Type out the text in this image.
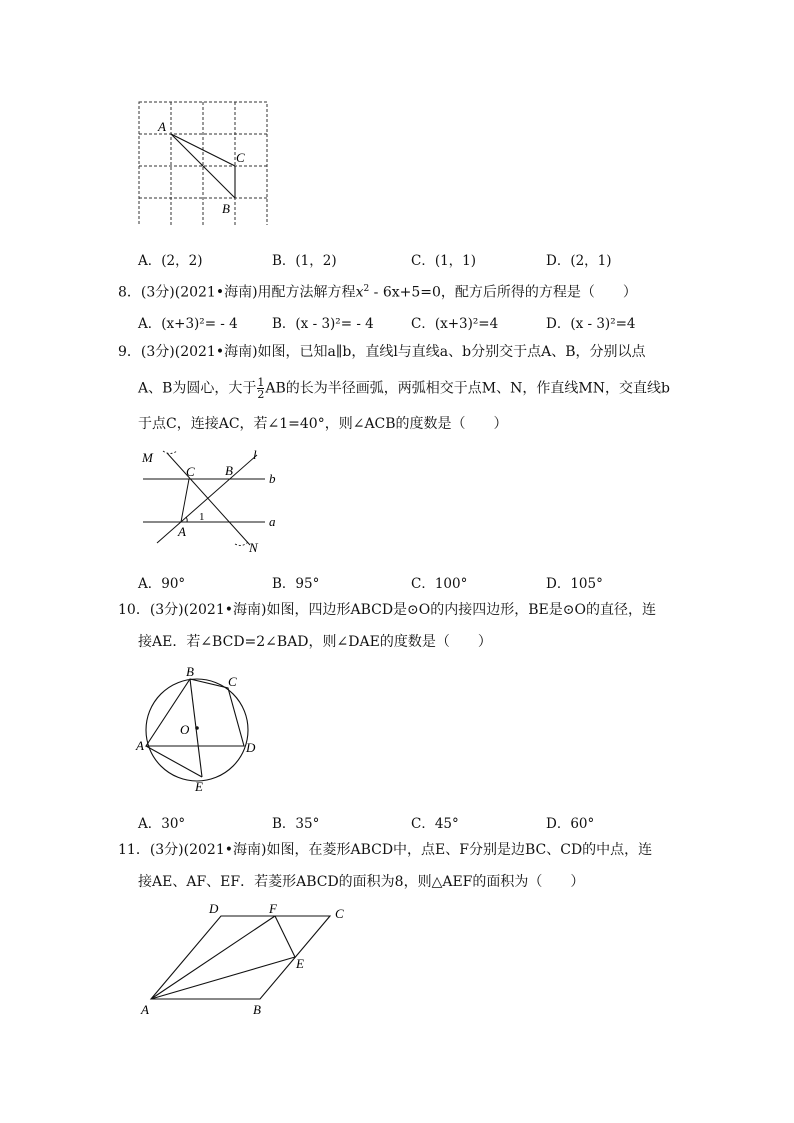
A
C
B
A．(2，2)	B．(1，2)	C．(1，1)	D．(2，1)
8．(3分)(2021•海南)用配方法解方程$x^2 - 6x+5=0$，配方后所得的方程是（　　）
A．(x+3)²= - 4	B．(x - 3)²= - 4	C．(x+3)²=4	D．(x - 3)²=4
9．(3分)(2021•海南)如图，已知a∥b，直线l与直线a、b分别交于点A、B，分别以点
A、B为圆心，大于 $\frac{1}{2}$ AB的长为半径画弧，两弧相交于点M、N，作直线MN，交直线b
于点C，连接AC，若∠1=40°，则∠ACB的度数是（　　）
M
C B
l
b
a
A
1
N
A．90°	B．95°	C．100°	D．105°
10．(3分)(2021•海南)如图，四边形ABCD是⊙O的内接四边形，BE是⊙O的直径，连
接AE．若∠BCD=2∠BAD，则∠DAE的度数是（　　）
B
C
O
A	D
E
A．30°	B．35°	C．45°	D．60°
11．(3分)(2021•海南)如图，在菱形ABCD中，点E、F分别是边BC、CD的中点，连
接AE、AF、EF．若菱形ABCD的面积为8，则△AEF的面积为（　　）
D	F	C
E
A	B
